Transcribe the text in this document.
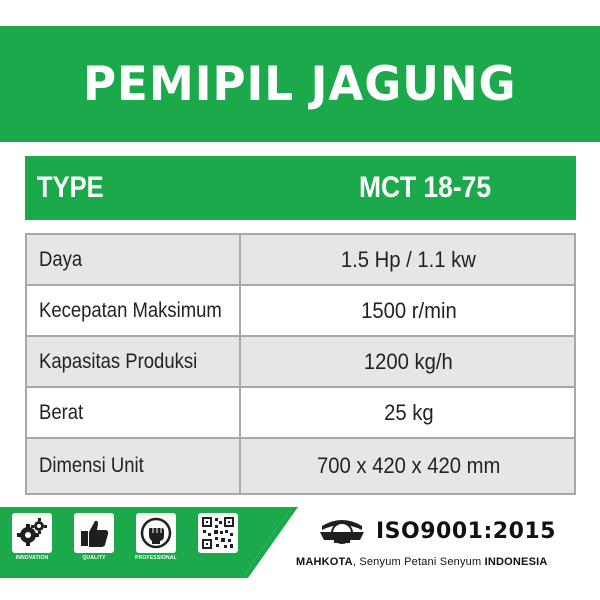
PEMIPIL JAGUNG
TYPE	MCT 18-75
Daya	1.5 Hp / 1.1 kw
Kecepatan Maksimum	1500 r/min
Kapasitas Produksi	1200 kg/h
Berat	25 kg
Dimensi Unit	700 x 420 x 420 mm
INNOVATION	QUALITY	PROFESSIONAL
ISO9001:2015
MAHKOTA, Senyum Petani Senyum INDONESIA
